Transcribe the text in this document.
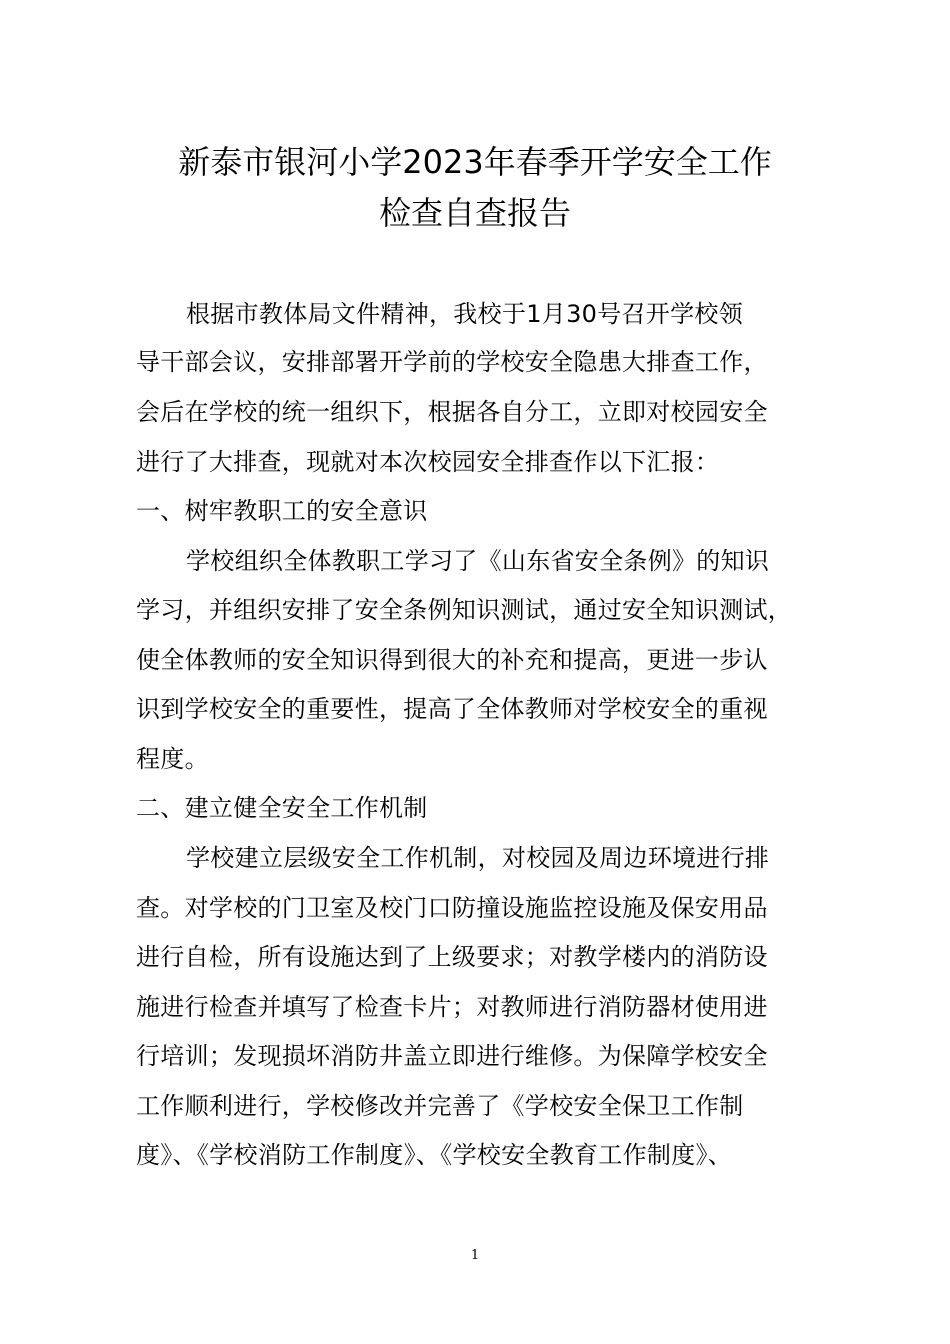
新泰市银河小学2023年春季开学安全工作
检查自查报告
根据市教体局文件精神，我校于1月30号召开学校领
导干部会议，安排部署开学前的学校安全隐患大排查工作，
会后在学校的统一组织下，根据各自分工，立即对校园安全
进行了大排查，现就对本次校园安全排查作以下汇报：
一、树牢教职工的安全意识
学校组织全体教职工学习了《山东省安全条例》的知识
学习，并组织安排了安全条例知识测试，通过安全知识测试，
使全体教师的安全知识得到很大的补充和提高，更进一步认
识到学校安全的重要性，提高了全体教师对学校安全的重视
程度。
二、建立健全安全工作机制
学校建立层级安全工作机制，对校园及周边环境进行排
查。对学校的门卫室及校门口防撞设施监控设施及保安用品
进行自检，所有设施达到了上级要求；对教学楼内的消防设
施进行检查并填写了检查卡片；对教师进行消防器材使用进
行培训；发现损坏消防井盖立即进行维修。为保障学校安全
工作顺利进行，学校修改并完善了《学校安全保卫工作制
度》、《学校消防工作制度》、《学校安全教育工作制度》、
1
